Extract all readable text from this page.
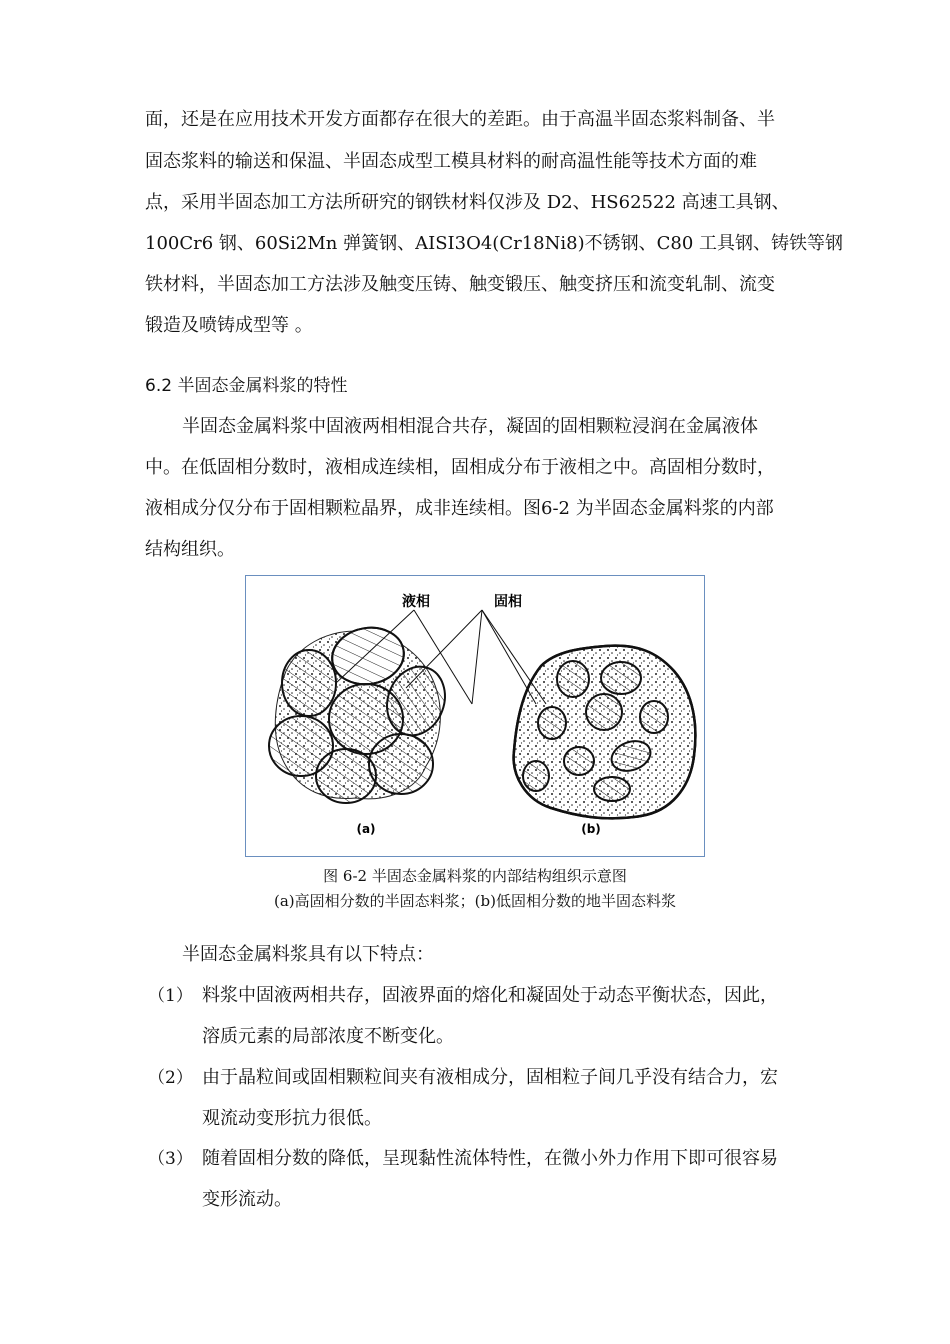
面，还是在应用技术开发方面都存在很大的差距。由于高温半固态浆料制备、半
固态浆料的输送和保温、半固态成型工模具材料的耐高温性能等技术方面的难
点，采用半固态加工方法所研究的钢铁材料仅涉及 D2、HS62522 高速工具钢、
100Cr6 钢、60Si2Mn 弹簧钢、AISI3O4(Cr18Ni8)不锈钢、C80 工具钢、铸铁等钢
铁材料，半固态加工方法涉及触变压铸、触变锻压、触变挤压和流变轧制、流变
锻造及喷铸成型等 。
6.2 半固态金属料浆的特性
半固态金属料浆中固液两相相混合共存，凝固的固相颗粒浸润在金属液体
中。在低固相分数时，液相成连续相，固相成分布于液相之中。高固相分数时，
液相成分仅分布于固相颗粒晶界，成非连续相。图6-2 为半固态金属料浆的内部
结构组织。
液相	固相
(a)	(b)
图 6-2 半固态金属料浆的内部结构组织示意图
(a)高固相分数的半固态料浆；(b)低固相分数的地半固态料浆
半固态金属料浆具有以下特点：
（1） 料浆中固液两相共存，固液界面的熔化和凝固处于动态平衡状态，因此，
溶质元素的局部浓度不断变化。
（2） 由于晶粒间或固相颗粒间夹有液相成分，固相粒子间几乎没有结合力，宏
观流动变形抗力很低。
（3） 随着固相分数的降低，呈现黏性流体特性，在微小外力作用下即可很容易
变形流动。
